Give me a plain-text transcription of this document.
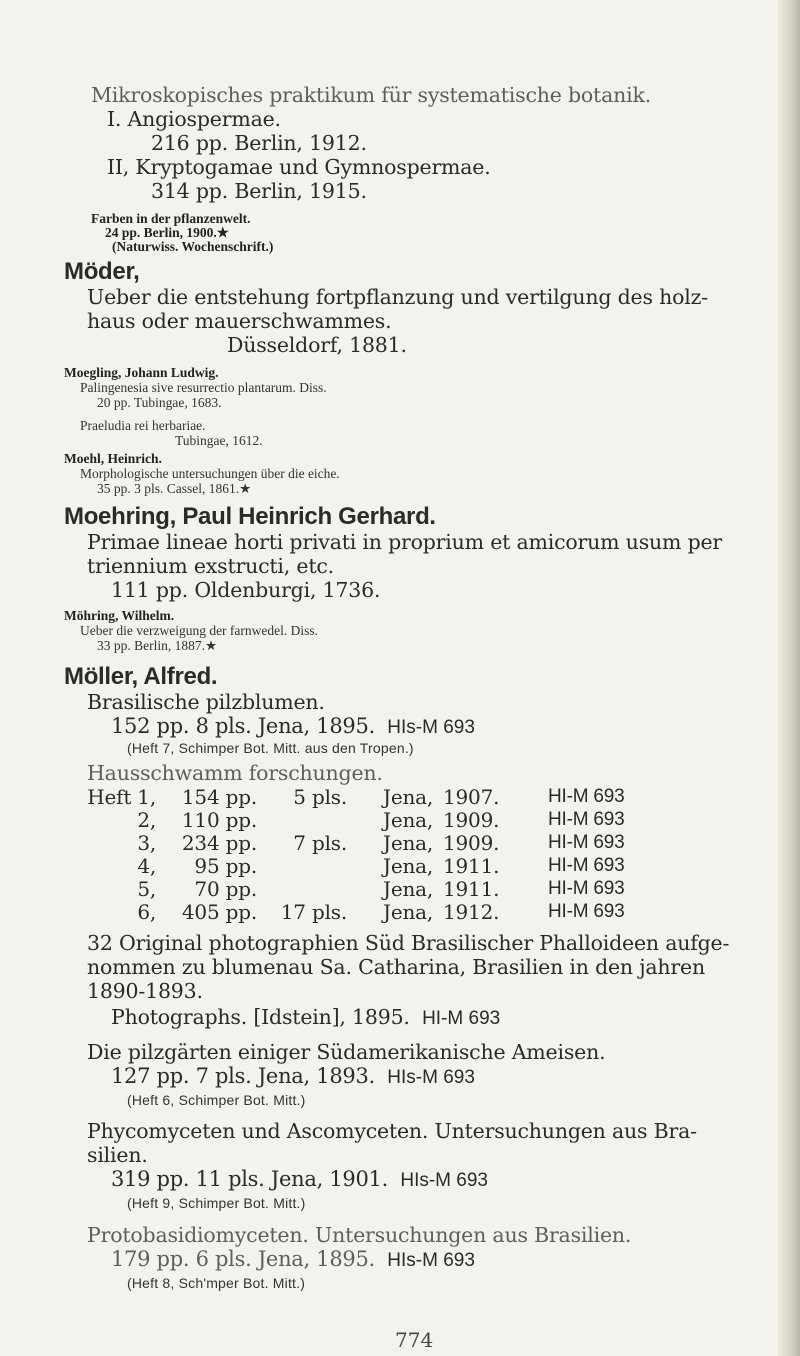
Mikroskopisches praktikum für systematische botanik.
I. Angiospermae.
216 pp. Berlin, 1912.
II, Kryptogamae und Gymnospermae.
314 pp. Berlin, 1915.
Farben in der pflanzenwelt.
24 pp. Berlin, 1900.★
(Naturwiss. Wochenschrift.)
Möder,
Ueber die entstehung fortpflanzung und vertilgung des holz-
haus oder mauerschwammes.
Düsseldorf, 1881.
Moegling, Johann Ludwig.
Palingenesia sive resurrectio plantarum. Diss.
20 pp. Tubingae, 1683.
Praeludia rei herbariae.
Tubingae, 1612.
Moehl, Heinrich.
Morphologische untersuchungen über die eiche.
35 pp. 3 pls. Cassel, 1861.★
Moehring, Paul Heinrich Gerhard.
Primae lineae horti privati in proprium et amicorum usum per
triennium exstructi, etc.
111 pp. Oldenburgi, 1736.
Möhring, Wilhelm.
Ueber die verzweigung der farnwedel. Diss.
33 pp. Berlin, 1887.★
Möller, Alfred.
Brasilische pilzblumen.
152 pp. 8 pls. Jena, 1895. HIs-M 693
(Heft 7, Schimper Bot. Mitt. aus den Tropen.)
Hausschwamm forschungen.
Heft 1, 154 pp. 5 pls. Jena, 1907.	HI-M 693
2, 110 pp.	Jena, 1909.	HI-M 693
3, 234 pp. 7 pls. Jena, 1909.	HI-M 693
4, 95 pp.	Jena, 1911.	HI-M 693
5, 70 pp.	Jena, 1911.	HI-M 693
6, 405 pp. 17 pls. Jena, 1912.	HI-M 693
32 Original photographien Süd Brasilischer Phalloideen aufge-
nommen zu blumenau Sa. Catharina, Brasilien in den jahren
1890-1893.
Photographs. [Idstein], 1895. HI-M 693
Die pilzgärten einiger Südamerikanische Ameisen.
127 pp. 7 pls. Jena, 1893. HIs-M 693
(Heft 6, Schimper Bot. Mitt.)
Phycomyceten und Ascomyceten. Untersuchungen aus Bra-
silien.
319 pp. 11 pls. Jena, 1901. HIs-M 693
(Heft 9, Schimper Bot. Mitt.)
Protobasidiomyceten. Untersuchungen aus Brasilien.
179 pp. 6 pls. Jena, 1895. HIs-M 693
(Heft 8, Sch'mper Bot. Mitt.)
774
